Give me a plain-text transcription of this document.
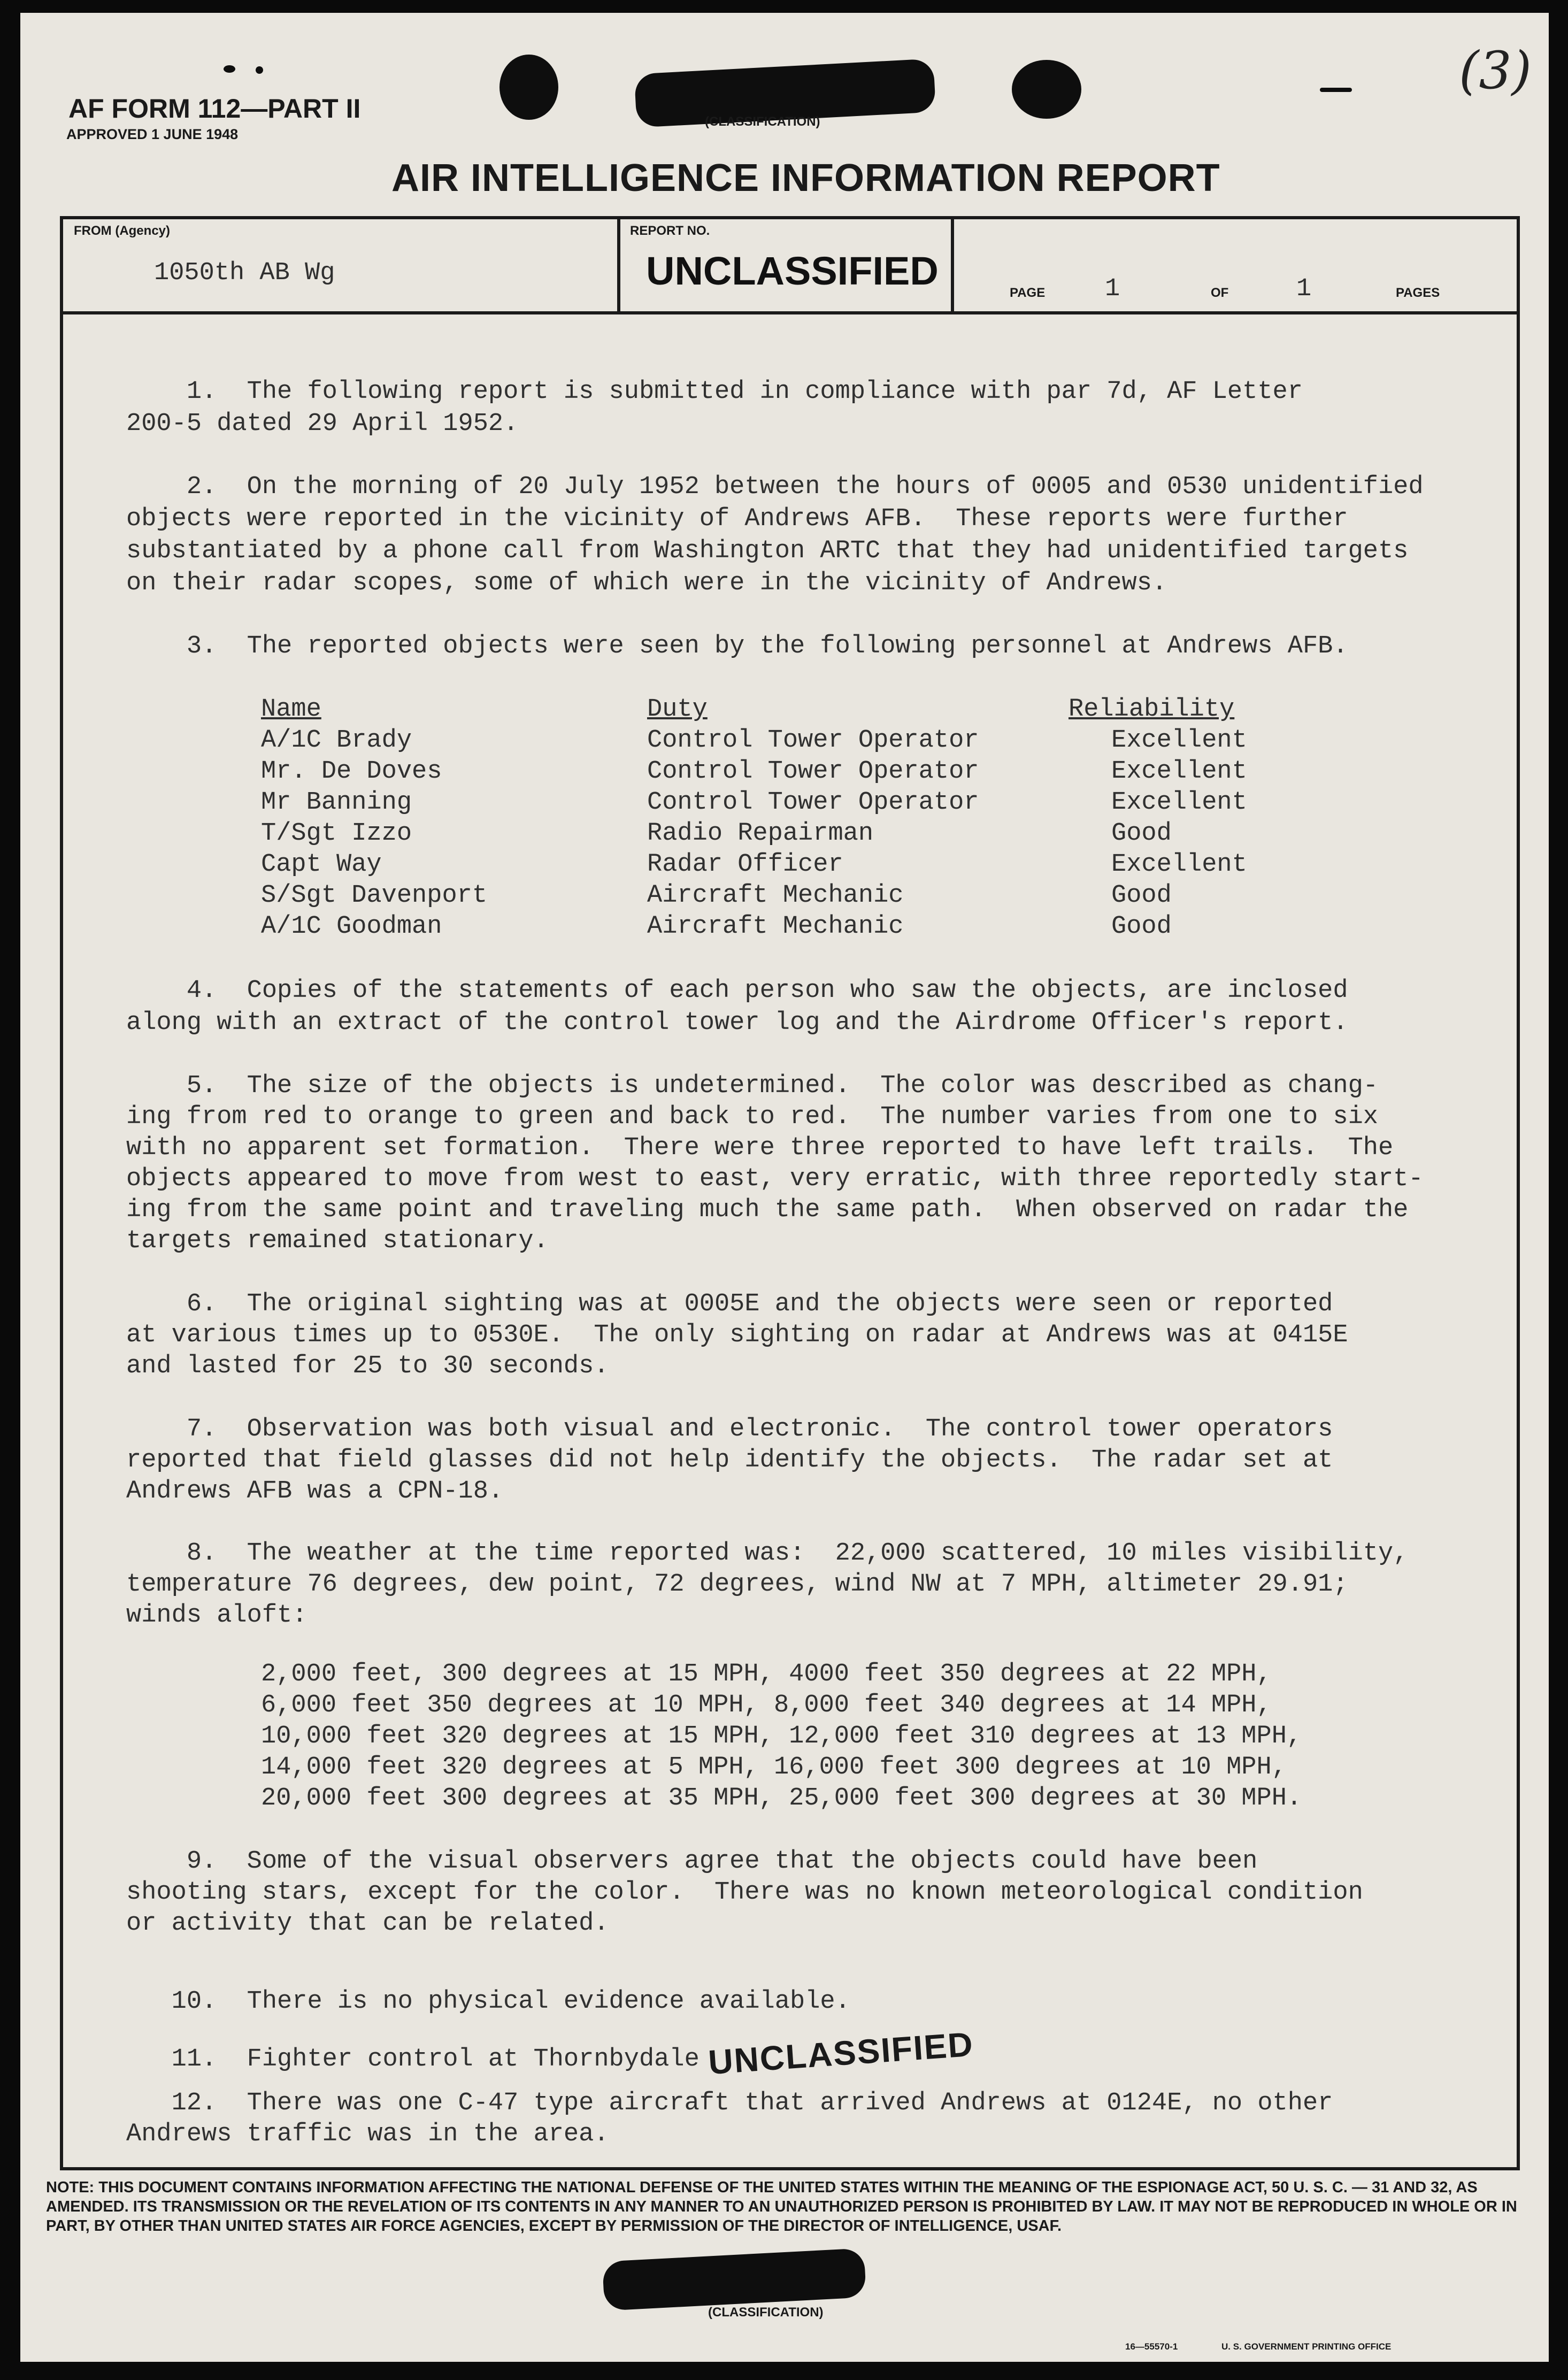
AF FORM 112—PART II
APPROVED 1 JUNE 1948
(CLASSIFICATION)
(3)
AIR INTELLIGENCE INFORMATION REPORT
FROM (Agency)
1050th AB Wg
REPORT NO.
UNCLASSIFIED	PAGE 1	OF	1	PAGES
1.  The following report is submitted in compliance with par 7d, AF Letter
200-5 dated 29 April 1952.
2.  On the morning of 20 July 1952 between the hours of 0005 and 0530 unidentified
objects were reported in the vicinity of Andrews AFB.  These reports were further
substantiated by a phone call from Washington ARTC that they had unidentified targets
on their radar scopes, some of which were in the vicinity of Andrews.
3.  The reported objects were seen by the following personnel at Andrews AFB.
Name	Duty	Reliability
A/1C Brady	Control Tower Operator	Excellent
Mr. De Doves	Control Tower Operator	Excellent
Mr Banning	Control Tower Operator	Excellent
T/Sgt Izzo	Radio Repairman	Good
Capt Way	Radar Officer	Excellent
S/Sgt Davenport	Aircraft Mechanic	Good
A/1C Goodman	Aircraft Mechanic	Good
4.  Copies of the statements of each person who saw the objects, are inclosed
along with an extract of the control tower log and the Airdrome Officer's report.
5.  The size of the objects is undetermined.  The color was described as chang-
ing from red to orange to green and back to red.  The number varies from one to six
with no apparent set formation.  There were three reported to have left trails.  The
objects appeared to move from west to east, very erratic, with three reportedly start-
ing from the same point and traveling much the same path.  When observed on radar the
targets remained stationary.
6.  The original sighting was at 0005E and the objects were seen or reported
at various times up to 0530E.  The only sighting on radar at Andrews was at 0415E
and lasted for 25 to 30 seconds.
7.  Observation was both visual and electronic.  The control tower operators
reported that field glasses did not help identify the objects.  The radar set at
Andrews AFB was a CPN-18.
8.  The weather at the time reported was:  22,000 scattered, 10 miles visibility,
temperature 76 degrees, dew point, 72 degrees, wind NW at 7 MPH, altimeter 29.91;
winds aloft:
2,000 feet, 300 degrees at 15 MPH, 4000 feet 350 degrees at 22 MPH,
6,000 feet 350 degrees at 10 MPH, 8,000 feet 340 degrees at 14 MPH,
10,000 feet 320 degrees at 15 MPH, 12,000 feet 310 degrees at 13 MPH,
14,000 feet 320 degrees at 5 MPH, 16,000 feet 300 degrees at 10 MPH,
20,000 feet 300 degrees at 35 MPH, 25,000 feet 300 degrees at 30 MPH.
9.  Some of the visual observers agree that the objects could have been
shooting stars, except for the color.  There was no known meteorological condition
or activity that can be related.
10.  There is no physical evidence available.
11.  Fighter control at Thornbydale
12.  There was one C-47 type aircraft that arrived Andrews at 0124E, no other
Andrews traffic was in the area.
UNCLASSIFIED
NOTE: THIS DOCUMENT CONTAINS INFORMATION AFFECTING THE NATIONAL DEFENSE OF THE UNITED STATES WITHIN THE MEANING OF THE ESPIONAGE ACT, 50 U. S. C. — 31 AND 32, AS AMENDED. ITS TRANSMISSION OR THE REVELATION OF ITS CONTENTS IN ANY MANNER TO AN UNAUTHORIZED PERSON IS PROHIBITED BY LAW. IT MAY NOT BE REPRODUCED IN WHOLE OR IN PART, BY OTHER THAN UNITED STATES AIR FORCE AGENCIES, EXCEPT BY PERMISSION OF THE DIRECTOR OF INTELLIGENCE, USAF.
(CLASSIFICATION)
16—55570-1	U. S. GOVERNMENT PRINTING OFFICE
